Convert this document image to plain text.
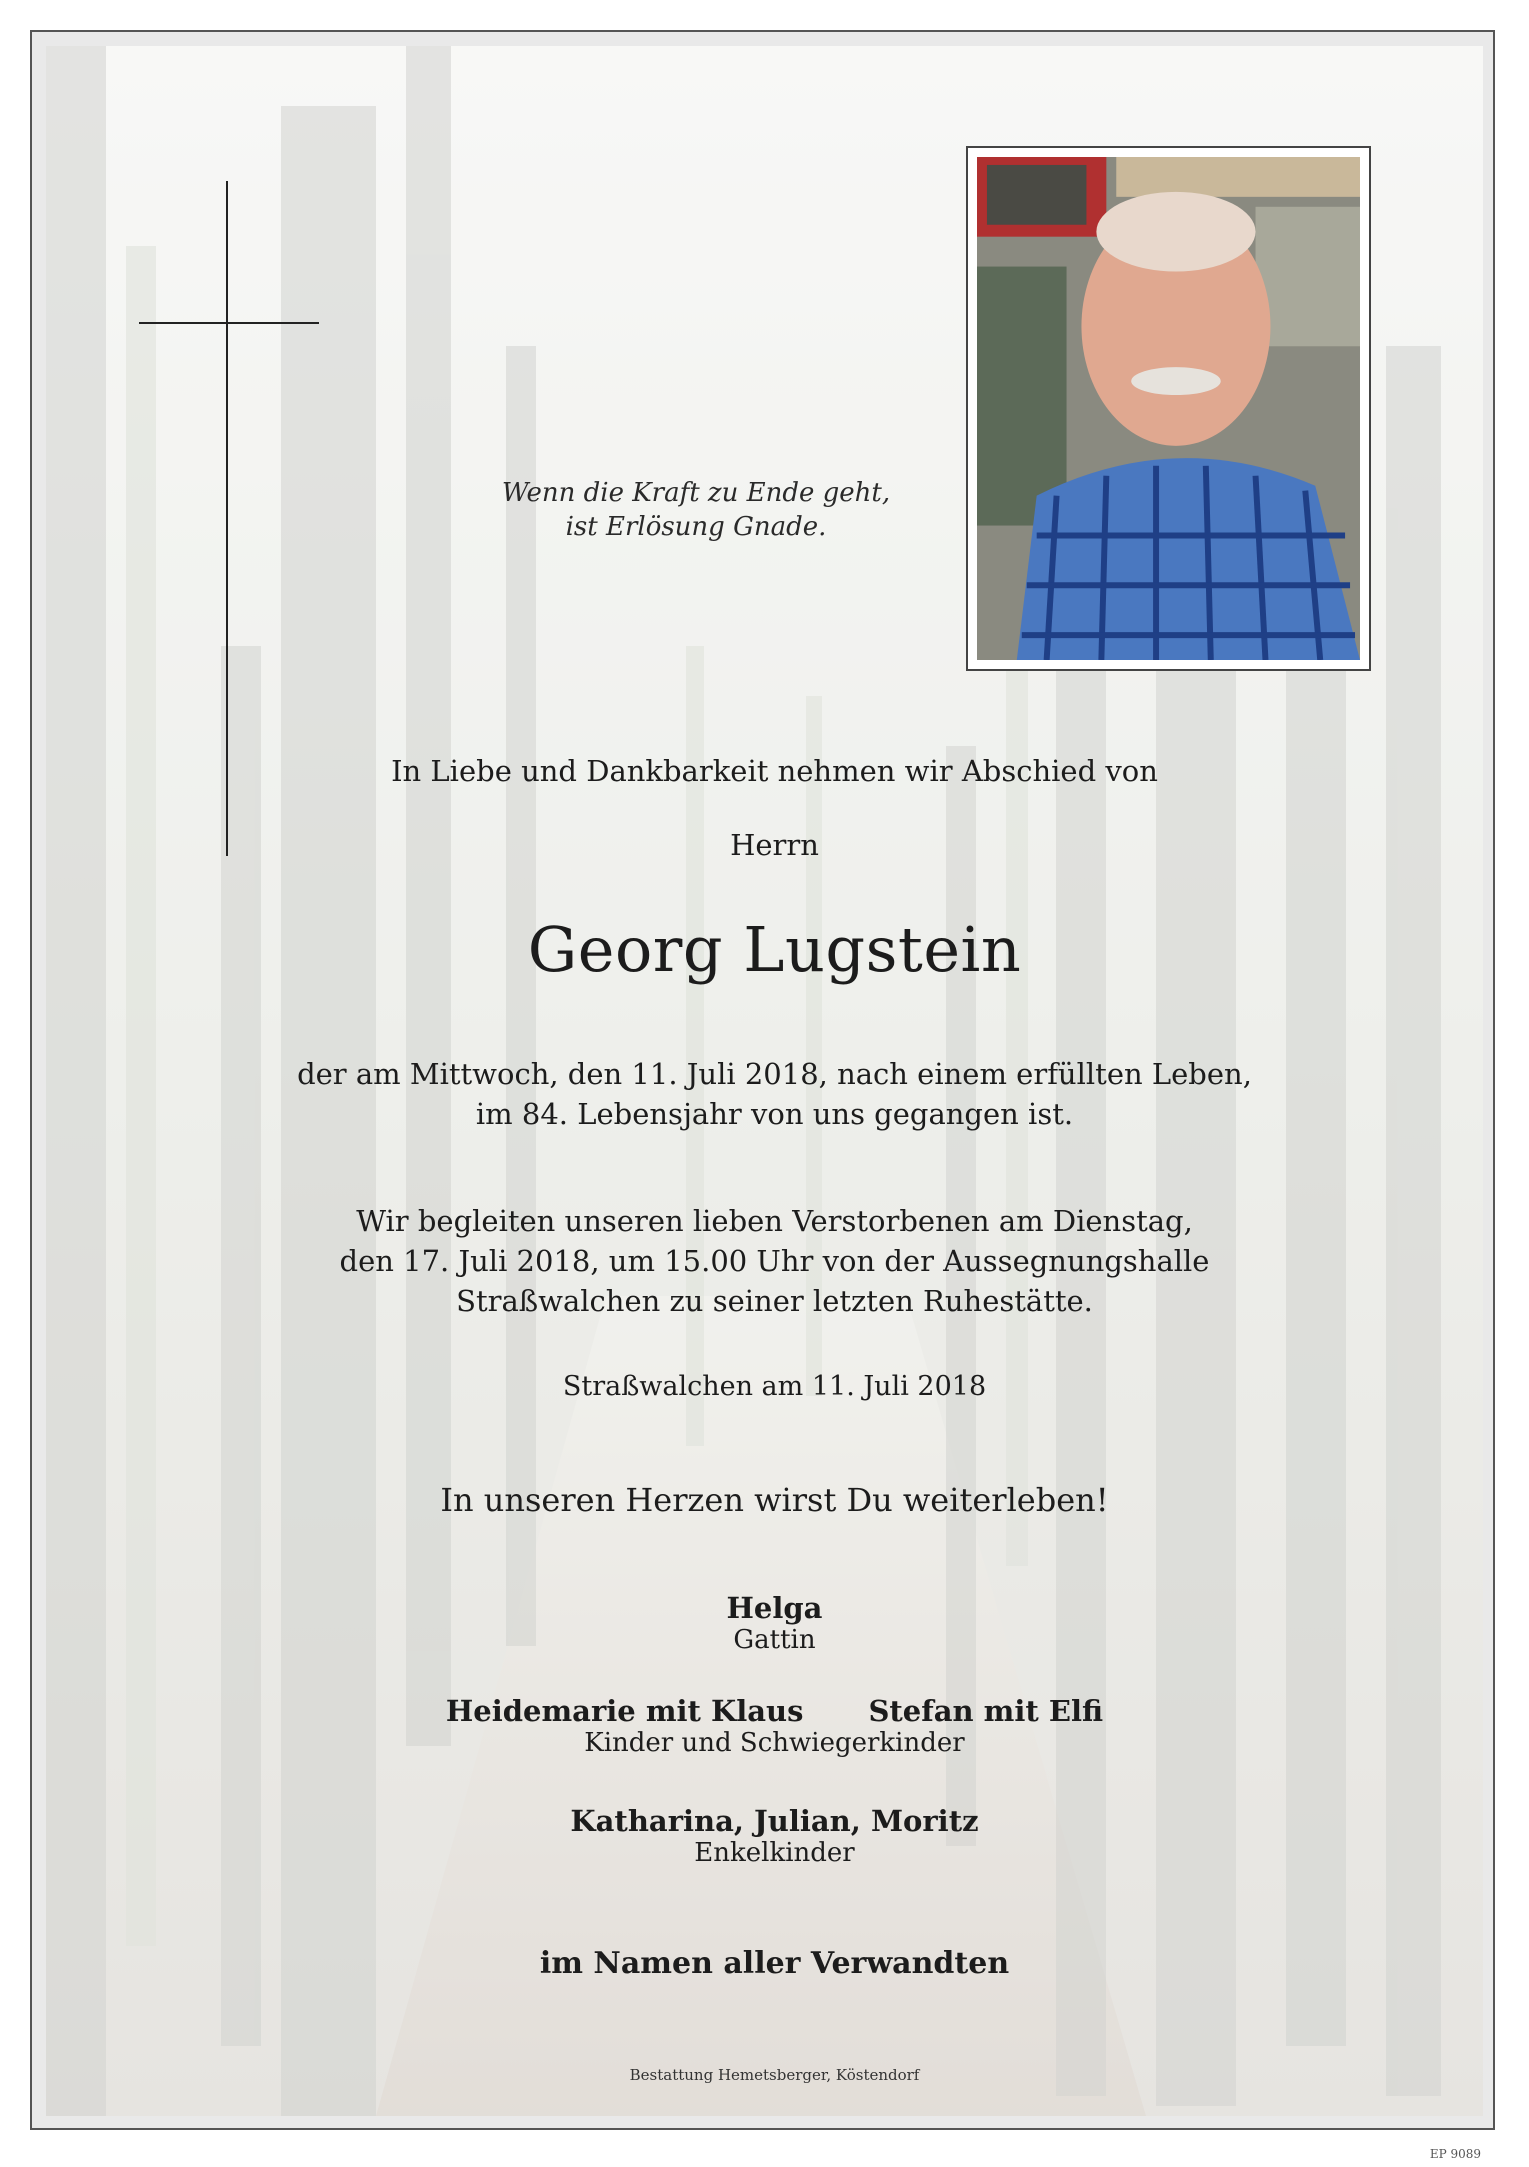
Wenn die Kraft zu Ende geht,
ist Erlösung Gnade.
In Liebe und Dankbarkeit nehmen wir Abschied von
Herrn
Georg Lugstein
der am Mittwoch, den 11. Juli 2018, nach einem erfüllten Leben,
im 84. Lebensjahr von uns gegangen ist.
Wir begleiten unseren lieben Verstorbenen am Dienstag,
den 17. Juli 2018, um 15.00 Uhr von der Aussegnungshalle
Straßwalchen zu seiner letzten Ruhestätte.
Straßwalchen am 11. Juli 2018
In unseren Herzen wirst Du weiterleben!
Helga
Gattin
Heidemarie mit Klaus Stefan mit Elfi
Kinder und Schwiegerkinder
Katharina, Julian, Moritz
Enkelkinder
im Namen aller Verwandten
Bestattung Hemetsberger, Köstendorf
EP 9089
